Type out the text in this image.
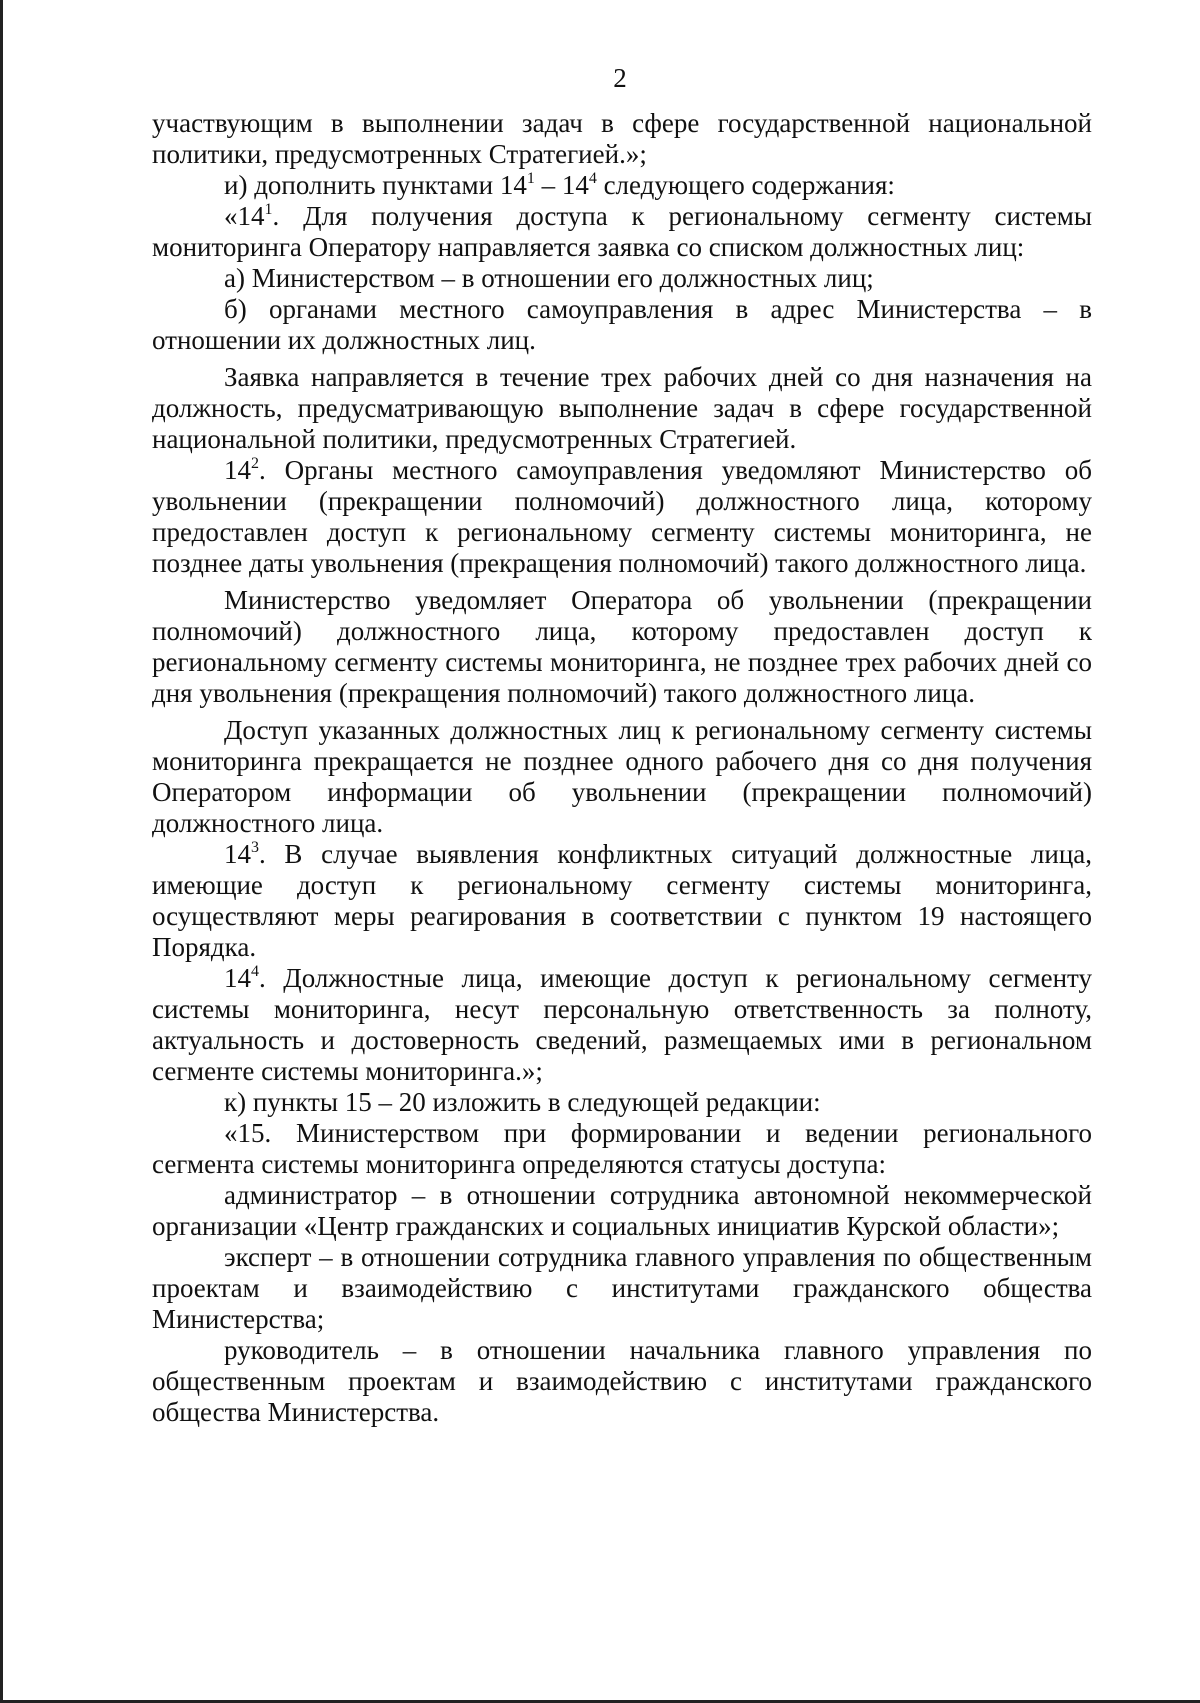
2

участвующим в выполнении задач в сфере государственной национальной политики, предусмотренных Стратегией.»;

и) дополнить пунктами $14^1 - 14^4$ следующего содержания:

«$14^1$. Для получения доступа к региональному сегменту системы мониторинга Оператору направляется заявка со списком должностных лиц:

а) Министерством – в отношении его должностных лиц;

б) органами местного самоуправления в адрес Министерства – в отношении их должностных лиц.

Заявка направляется в течение трех рабочих дней со дня назначения на должность, предусматривающую выполнение задач в сфере государственной национальной политики, предусмотренных Стратегией.

$14^2$. Органы местного самоуправления уведомляют Министерство об увольнении (прекращении полномочий) должностного лица, которому предоставлен доступ к региональному сегменту системы мониторинга, не позднее даты увольнения (прекращения полномочий) такого должностного лица.

Министерство уведомляет Оператора об увольнении (прекращении полномочий) должностного лица, которому предоставлен доступ к региональному сегменту системы мониторинга, не позднее трех рабочих дней со дня увольнения (прекращения полномочий) такого должностного лица.

Доступ указанных должностных лиц к региональному сегменту системы мониторинга прекращается не позднее одного рабочего дня со дня получения Оператором информации об увольнении (прекращении полномочий) должностного лица.

$14^3$. В случае выявления конфликтных ситуаций должностные лица, имеющие доступ к региональному сегменту системы мониторинга, осуществляют меры реагирования в соответствии с пунктом 19 настоящего Порядка.

$14^4$. Должностные лица, имеющие доступ к региональному сегменту системы мониторинга, несут персональную ответственность за полноту, актуальность и достоверность сведений, размещаемых ими в региональном сегменте системы мониторинга.»;

к) пункты 15 – 20 изложить в следующей редакции:

«15. Министерством при формировании и ведении регионального сегмента системы мониторинга определяются статусы доступа:

администратор – в отношении сотрудника автономной некоммерческой организации «Центр гражданских и социальных инициатив Курской области»;

эксперт – в отношении сотрудника главного управления по общественным проектам и взаимодействию с институтами гражданского общества Министерства;

руководитель – в отношении начальника главного управления по общественным проектам и взаимодействию с институтами гражданского общества Министерства.
